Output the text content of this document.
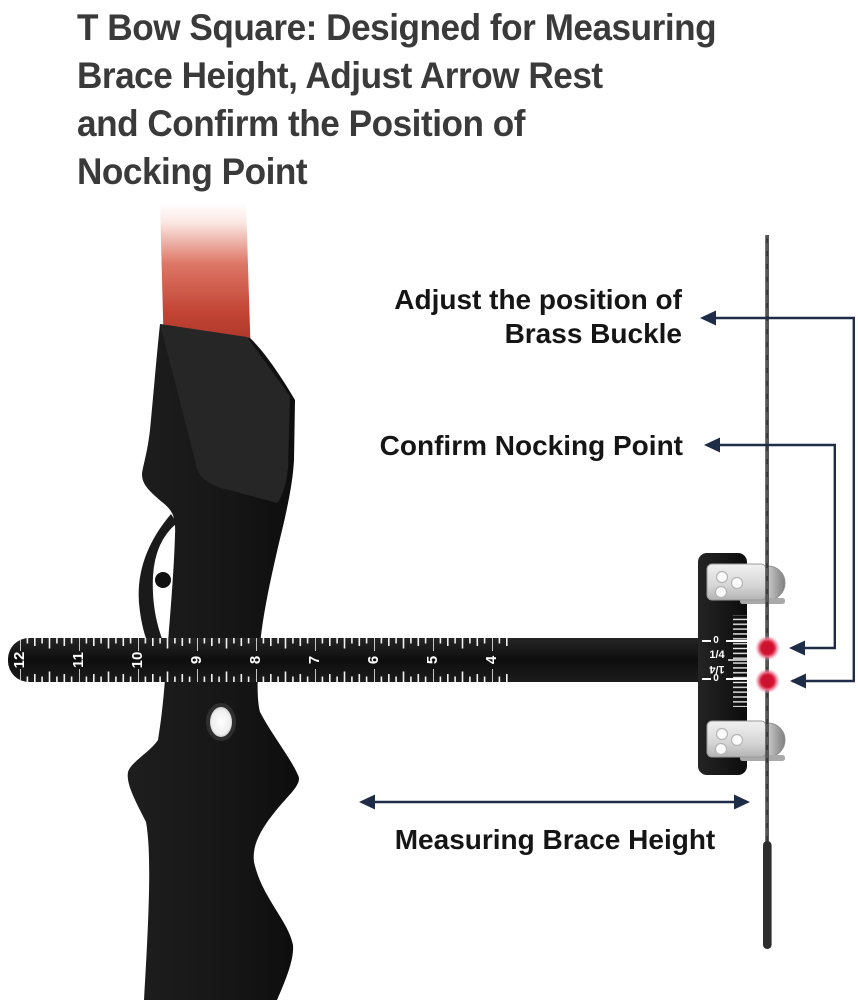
T Bow Square: Designed for Measuring
Brace Height, Adjust Arrow Rest
and Confirm the Position of
Nocking Point
Adjust the position of
Brass Buckle
Confirm Nocking Point
Measuring Brace Height
12	11	10	9	8	7	6	5	4
0
1/4
1/4
0
